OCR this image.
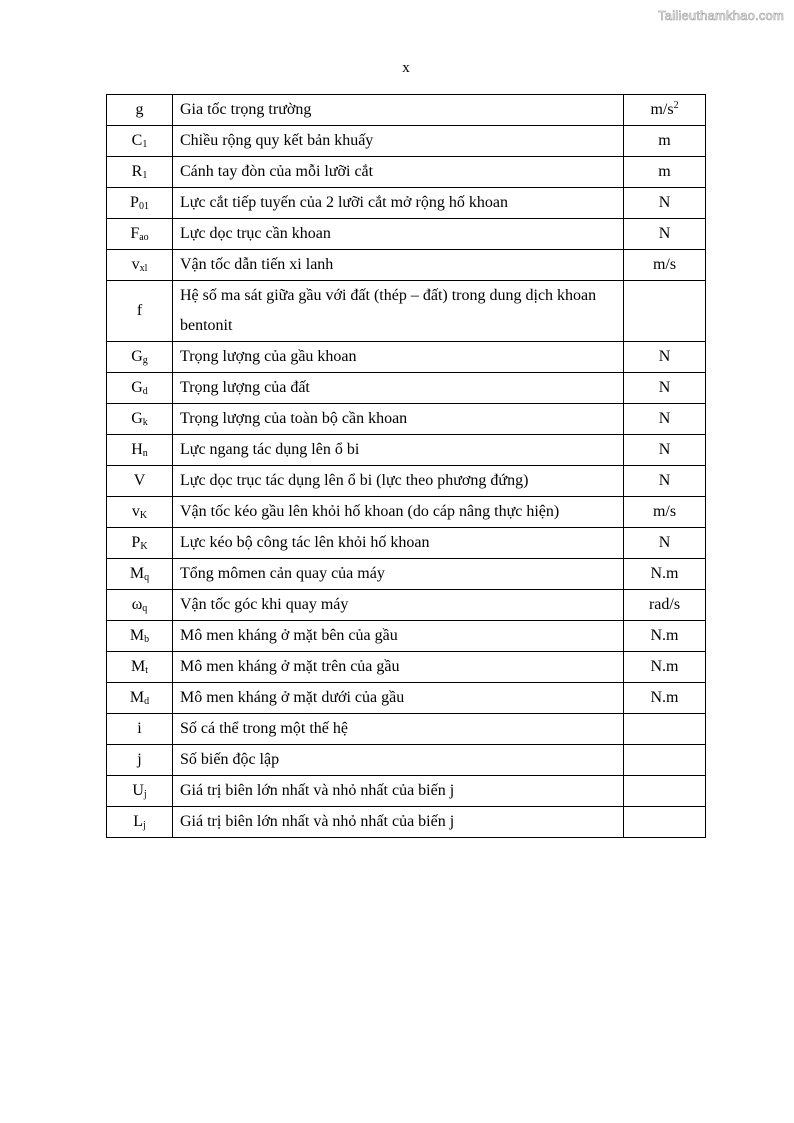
Tailieuthamkhao.com
x
g	Gia tốc trọng trường	$m/s^2$
$C_1$	Chiều rộng quy kết bản khuấy	m
$R_1$	Cánh tay đòn của mỗi lưỡi cắt	m
$P_{01}$	Lực cắt tiếp tuyến của 2 lưỡi cắt mở rộng hố khoan	N
$F_{ao}$	Lực dọc trục cần khoan	N
$v_{xl}$	Vận tốc dẫn tiến xi lanh	m/s
f	Hệ số ma sát giữa gầu với đất (thép – đất) trong dung dịch khoan bentonit	
$G_g$	Trọng lượng của gầu khoan	N
$G_d$	Trọng lượng của đất	N
$G_k$	Trọng lượng của toàn bộ cần khoan	N
$H_n$	Lực ngang tác dụng lên ổ bi	N
V	Lực dọc trục tác dụng lên ổ bi (lực theo phương đứng)	N
$v_K$	Vận tốc kéo gầu lên khỏi hố khoan (do cáp nâng thực hiện)	m/s
$P_K$	Lực kéo bộ công tác lên khỏi hố khoan	N
$M_q$	Tổng mômen cản quay của máy	N.m
$\omega_q$	Vận tốc góc khi quay máy	rad/s
$M_b$	Mô men kháng ở mặt bên của gầu	N.m
$M_t$	Mô men kháng ở mặt trên của gầu	N.m
$M_d$	Mô men kháng ở mặt dưới của gầu	N.m
i	Số cá thể trong một thế hệ	
j	Số biến độc lập	
$U_j$	Giá trị biên lớn nhất và nhỏ nhất của biến j	
$L_j$	Giá trị biên lớn nhất và nhỏ nhất của biến j	
